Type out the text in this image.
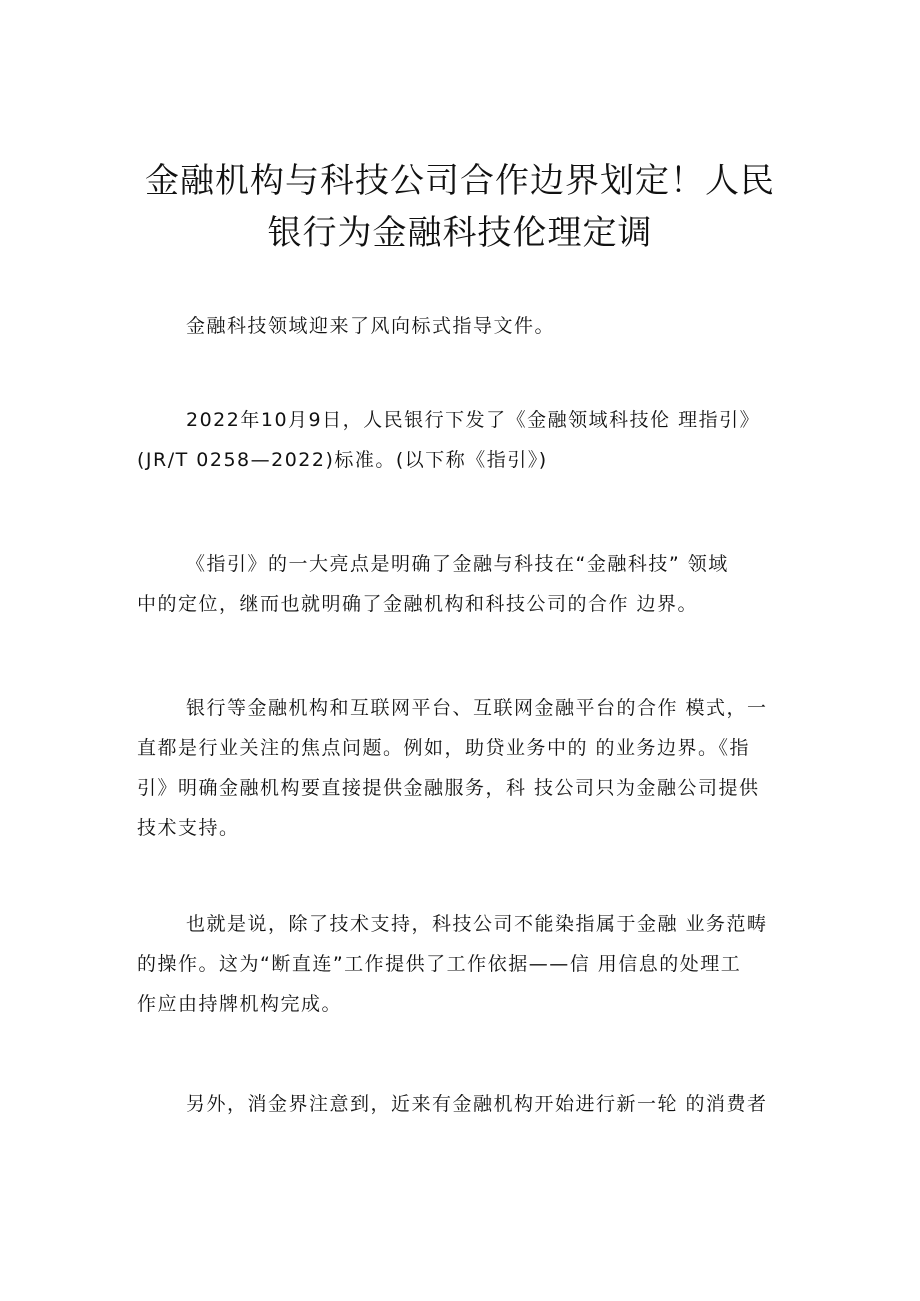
金融机构与科技公司合作边界划定！人民
银行为金融科技伦理定调
金融科技领域迎来了风向标式指导文件。
2022年10月9日，人民银行下发了《金融领域科技伦 理指引》
(JR/T 0258—2022)标准。(以下称《指引》)
《指引》的一大亮点是明确了金融与科技在“金融科技” 领域
中的定位，继而也就明确了金融机构和科技公司的合作 边界。
银行等金融机构和互联网平台、互联网金融平台的合作 模式，一
直都是行业关注的焦点问题。例如，助贷业务中的 的业务边界。《指
引》明确金融机构要直接提供金融服务，科 技公司只为金融公司提供
技术支持。
也就是说，除了技术支持，科技公司不能染指属于金融 业务范畴
的操作。这为“断直连”工作提供了工作依据——信 用信息的处理工
作应由持牌机构完成。
另外，消金界注意到，近来有金融机构开始进行新一轮 的消费者
